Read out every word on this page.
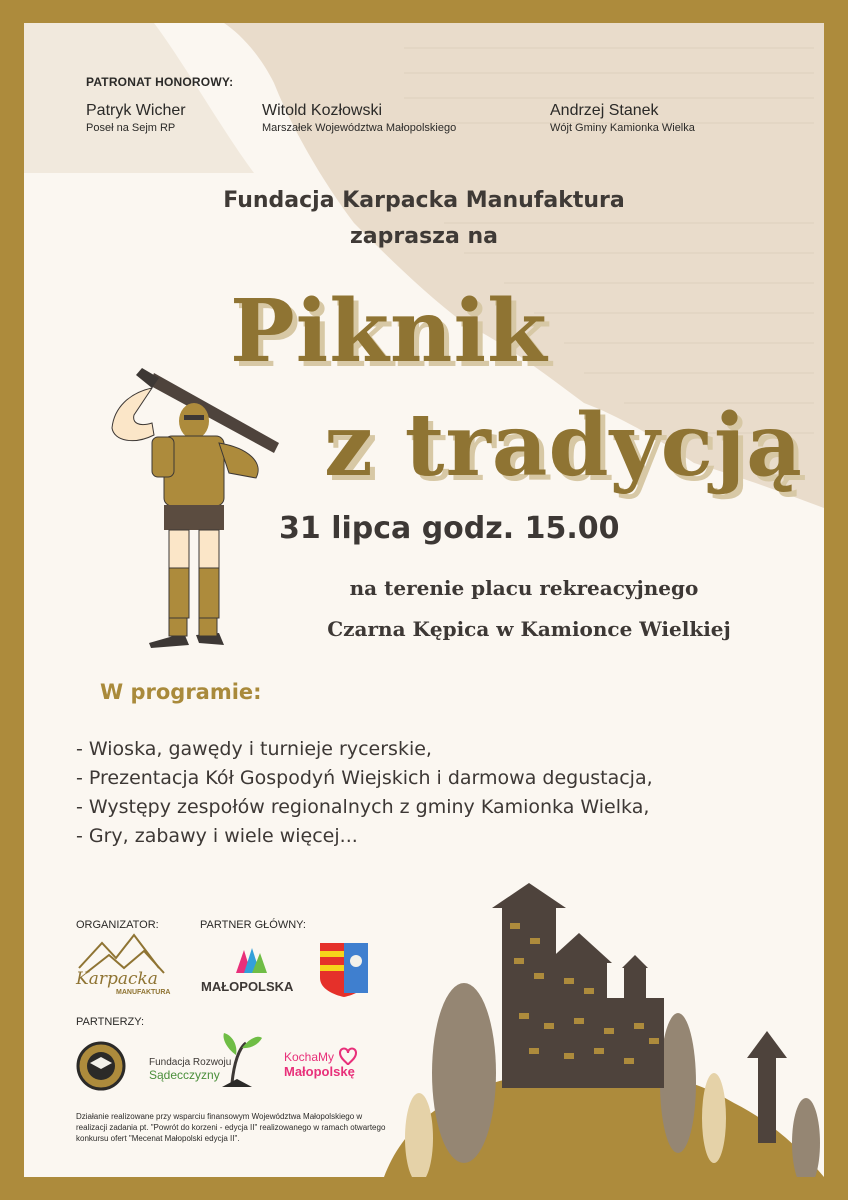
PATRONAT HONOROWY:
Patryk Wicher
Poseł na Sejm RP
Witold Kozłowski
Marszałek Województwa Małopolskiego
Andrzej Stanek
Wójt Gminy Kamionka Wielka
Fundacja Karpacka Manufaktura
zaprasza na
Piknik
z tradycją
31 lipca godz. 15.00
na terenie placu rekreacyjnego
Czarna Kępica w Kamionce Wielkiej
W programie:
- Wioska, gawędy i turnieje rycerskie,
- Prezentacja Kół Gospodyń Wiejskich i darmowa degustacja,
- Występy zespołów regionalnych z gminy Kamionka Wielka,
- Gry, zabawy i wiele więcej...
ORGANIZATOR:	PARTNER GŁÓWNY:
Karpacka
MANUFAKTURA MAŁOPOLSKA
PARTNERZY:
Fundacja Rozwoju
Sądecczyzny
KochaMy
Małopolskę
Działanie realizowane przy wsparciu finansowym Województwa Małopolskiego w realizacji zadania pt. "Powrót do korzeni - edycja II" realizowanego w ramach otwartego konkursu ofert "Mecenat Małopolski edycja II".
